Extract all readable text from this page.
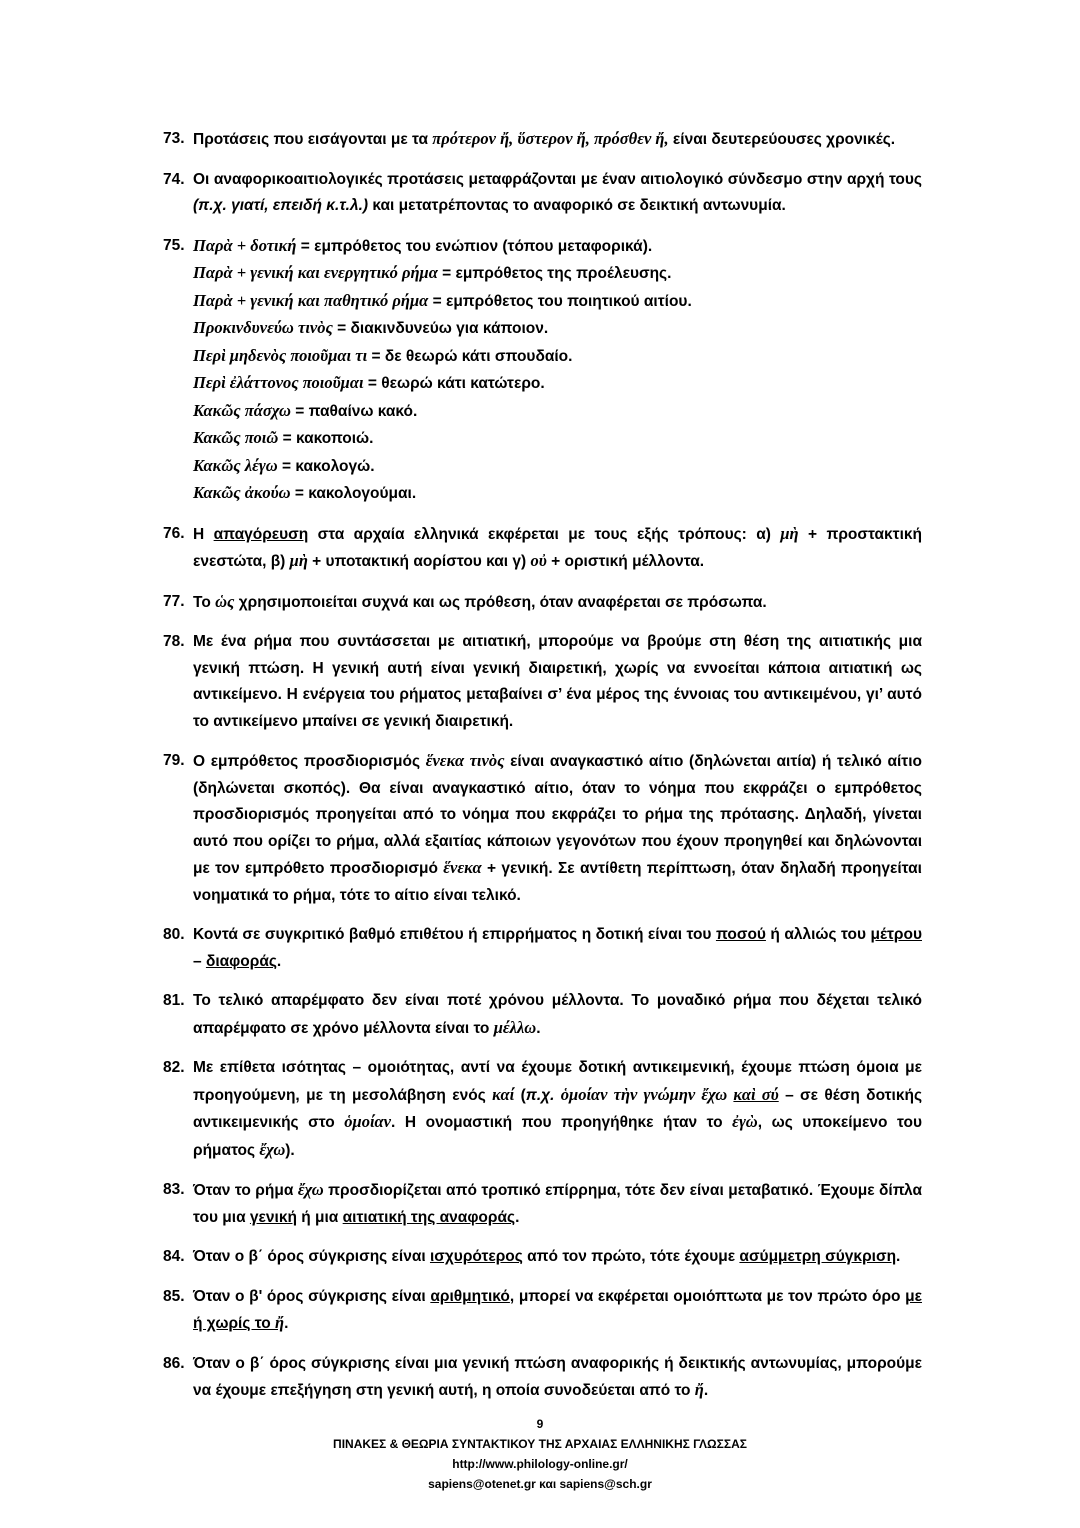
73. Προτάσεις που εισάγονται με τα πρότερον ἤ, ὕστερον ἤ, πρόσθεν ἤ, είναι δευτερεύουσες χρονικές.
74. Οι αναφορικοαιτιολογικές προτάσεις μεταφράζονται με έναν αιτιολογικό σύνδεσμο στην αρχή τους (π.χ. γιατί, επειδή κ.τ.λ.) και μετατρέποντας το αναφορικό σε δεικτική αντωνυμία.
75. Παρὰ + δοτική = εμπρόθετος του ενώπιον (τόπου μεταφορικά).
Παρὰ + γενική και ενεργητικό ρήμα = εμπρόθετος της προέλευσης.
Παρὰ + γενική και παθητικό ρήμα = εμπρόθετος του ποιητικού αιτίου.
Προκινδυνεύω τινὸς = διακινδυνεύω για κάποιον.
Περὶ μηδενὸς ποιοῦμαι τι = δε θεωρώ κάτι σπουδαίο.
Περὶ ἐλάττονος ποιοῦμαι = θεωρώ κάτι κατώτερο.
Κακῶς πάσχω = παθαίνω κακό.
Κακῶς ποιῶ = κακοποιώ.
Κακῶς λέγω = κακολογώ.
Κακῶς ἀκούω = κακολογούμαι.
76. Η απαγόρευση στα αρχαία ελληνικά εκφέρεται με τους εξής τρόπους: α) μὴ + προστακτική ενεστώτα, β) μὴ + υποτακτική αορίστου και γ) οὐ + οριστική μέλλοντα.
77. Το ὡς χρησιμοποιείται συχνά και ως πρόθεση, όταν αναφέρεται σε πρόσωπα.
78. Με ένα ρήμα που συντάσσεται με αιτιατική, μπορούμε να βρούμε στη θέση της αιτιατικής μια γενική πτώση. Η γενική αυτή είναι γενική διαιρετική, χωρίς να εννοείται κάποια αιτιατική ως αντικείμενο. Η ενέργεια του ρήματος μεταβαίνει σ’ ένα μέρος της έννοιας του αντικειμένου, γι’ αυτό το αντικείμενο μπαίνει σε γενική διαιρετική.
79. Ο εμπρόθετος προσδιορισμός ἕνεκα τινὸς είναι αναγκαστικό αίτιο (δηλώνεται αιτία) ή τελικό αίτιο (δηλώνεται σκοπός). Θα είναι αναγκαστικό αίτιο, όταν το νόημα που εκφράζει ο εμπρόθετος προσδιορισμός προηγείται από το νόημα που εκφράζει το ρήμα της πρότασης. Δηλαδή, γίνεται αυτό που ορίζει το ρήμα, αλλά εξαιτίας κάποιων γεγονότων που έχουν προηγηθεί και δηλώνονται με τον εμπρόθετο προσδιορισμό ἕνεκα + γενική. Σε αντίθετη περίπτωση, όταν δηλαδή προηγείται νοηματικά το ρήμα, τότε το αίτιο είναι τελικό.
80. Κοντά σε συγκριτικό βαθμό επιθέτου ή επιρρήματος η δοτική είναι του ποσού ή αλλιώς του μέτρου – διαφοράς.
81. Το τελικό απαρέμφατο δεν είναι ποτέ χρόνου μέλλοντα. Το μοναδικό ρήμα που δέχεται τελικό απαρέμφατο σε χρόνο μέλλοντα είναι το μέλλω.
82. Με επίθετα ισότητας – ομοιότητας, αντί να έχουμε δοτική αντικειμενική, έχουμε πτώση όμοια με προηγούμενη, με τη μεσολάβηση ενός καί (π.χ. ὁμοίαν τὴν γνώμην ἔχω καὶ σύ – σε θέση δοτικής αντικειμενικής στο ὁμοίαν. Η ονομαστική που προηγήθηκε ήταν το ἐγὼ, ως υποκείμενο του ρήματος ἔχω).
83. Όταν το ρήμα ἔχω προσδιορίζεται από τροπικό επίρρημα, τότε δεν είναι μεταβατικό. Έχουμε δίπλα του μια γενική ή μια αιτιατική της αναφοράς.
84. Όταν ο β΄ όρος σύγκρισης είναι ισχυρότερος από τον πρώτο, τότε έχουμε ασύμμετρη σύγκριση.
85. Όταν ο β' όρος σύγκρισης είναι αριθμητικό, μπορεί να εκφέρεται ομοιόπτωτα με τον πρώτο όρο με ή χωρίς το ἤ.
86. Όταν ο β΄ όρος σύγκρισης είναι μια γενική πτώση αναφορικής ή δεικτικής αντωνυμίας, μπορούμε να έχουμε επεξήγηση στη γενική αυτή, η οποία συνοδεύεται από το ἤ.
9
ΠΙΝΑΚΕΣ & ΘΕΩΡΙΑ ΣΥΝΤΑΚΤΙΚΟΥ ΤΗΣ ΑΡΧΑΙΑΣ ΕΛΛΗΝΙΚΗΣ ΓΛΩΣΣΑΣ
http://www.philology-online.gr/
sapiens@otenet.gr και sapiens@sch.gr
